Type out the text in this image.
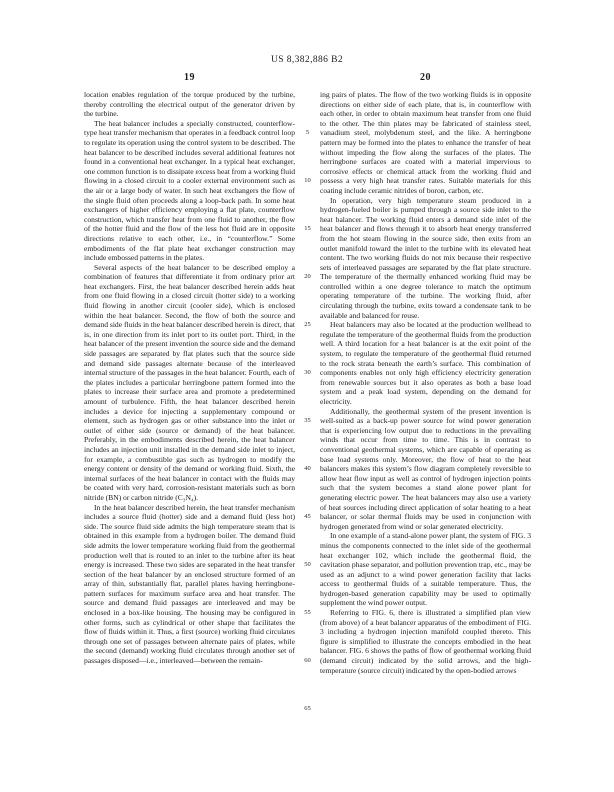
US 8,382,886 B2
19	20

location enables regulation of the torque produced by the turbine, thereby controlling the electrical output of the generator driven by the turbine.

The heat balancer includes a specially constructed, counterflow-type heat transfer mechanism that operates in a feedback control loop to regulate its operation using the control system to be described. The heat balancer to be described includes several additional features not found in a conventional heat exchanger. In a typical heat exchanger, one common function is to dissipate excess heat from a working fluid flowing in a closed circuit to a cooler external environment such as the air or a large body of water. In such heat exchangers the flow of the single fluid often proceeds along a loop-back path. In some heat exchangers of higher efficiency employing a flat plate, counterflow construction, which transfer heat from one fluid to another, the flow of the hotter fluid and the flow of the less hot fluid are in opposite directions relative to each other, i.e., in “counterflow.” Some embodiments of the flat plate heat exchanger construction may include embossed patterns in the plates.

Several aspects of the heat balancer to be described employ a combination of features that differentiate it from ordinary prior art heat exchangers. First, the heat balancer described herein adds heat from one fluid flowing in a closed circuit (hotter side) to a working fluid flowing in another circuit (cooler side), which is enclosed within the heat balancer. Second, the flow of both the source and demand side fluids in the heat balancer described herein is direct, that is, in one direction from its inlet port to its outlet port. Third, in the heat balancer of the present invention the source side and the demand side passages are separated by flat plates such that the source side and demand side passages alternate because of the interleaved internal structure of the passages in the heat balancer. Fourth, each of the plates includes a particular herringbone pattern formed into the plates to increase their surface area and promote a predetermined amount of turbulence. Fifth, the heat balancer described herein includes a device for injecting a supplementary compound or element, such as hydrogen gas or other substance into the inlet or outlet of either side (source or demand) of the heat balancer. Preferably, in the embodiments described herein, the heat balancer includes an injection unit installed in the demand side inlet to inject, for example, a combustible gas such as hydrogen to modify the energy content or density of the demand or working fluid. Sixth, the internal surfaces of the heat balancer in contact with the fluids may be coated with very hard, corrosion-resistant materials such as born nitride (BN) or carbon nitride (C₃N₄).

In the heat balancer described herein, the heat transfer mechanism includes a source fluid (hotter) side and a demand fluid (less hot) side. The source fluid side admits the high temperature steam that is obtained in this example from a hydrogen boiler. The demand fluid side admits the lower temperature working fluid from the geothermal production well that is routed to an inlet to the turbine after its heat energy is increased. These two sides are separated in the heat transfer section of the heat balancer by an enclosed structure formed of an array of thin, substantially flat, parallel plates having herringbone-pattern surfaces for maximum surface area and heat transfer. The source and demand fluid passages are interleaved and may be enclosed in a box-like housing. The housing may be configured in other forms, such as cylindrical or other shape that facilitates the flow of fluids within it. Thus, a first (source) working fluid circulates through one set of passages between alternate pairs of plates, while the second (demand) working fluid circulates through another set of passages disposed—i.e., interleaved—between the remain-

5
10
15
20
25
30
35
40
45
50
55
60
65

ing pairs of plates. The flow of the two working fluids is in opposite directions on either side of each plate, that is, in counterflow with each other, in order to obtain maximum heat transfer from one fluid to the other. The thin plates may be fabricated of stainless steel, vanadium steel, molybdenum steel, and the like. A herringbone pattern may be formed into the plates to enhance the transfer of heat without impeding the flow along the surfaces of the plates. The herringbone surfaces are coated with a material impervious to corrosive effects or chemical attack from the working fluid and possess a very high heat transfer rates. Suitable materials for this coating include ceramic nitrides of boron, carbon, etc.

In operation, very high temperature steam produced in a hydrogen-fueled boiler is pumped through a source side inlet to the heat balancer. The working fluid enters a demand side inlet of the heat balancer and flows through it to absorb heat energy transferred from the hot steam flowing in the source side, then exits from an outlet manifold toward the inlet to the turbine with its elevated heat content. The two working fluids do not mix because their respective sets of interleaved passages are separated by the flat plate structure. The temperature of the thermally enhanced working fluid may be controlled within a one degree tolerance to match the optimum operating temperature of the turbine. The working fluid, after circulating through the turbine, exits toward a condensate tank to be available and balanced for reuse.

Heat balancers may also be located at the production wellhead to regulate the temperature of the geothermal fluids from the production well. A third location for a heat balancer is at the exit point of the system, to regulate the temperature of the geothermal fluid returned to the rock strata beneath the earth’s surface. This combination of components enables not only high efficiency electricity generation from renewable sources but it also operates as both a base load system and a peak load system, depending on the demand for electricity.

Additionally, the geothermal system of the present invention is well-suited as a back-up power source for wind power generation that is experiencing low output due to reductions in the prevailing winds that occur from time to time. This is in contrast to conventional geothermal systems, which are capable of operating as base load systems only. Moreover, the flow of heat to the heat balancers makes this system’s flow diagram completely reversible to allow heat flow input as well as control of hydrogen injection points such that the system becomes a stand alone power plant for generating electric power. The heat balancers may also use a variety of heat sources including direct application of solar heating to a heat balancer, or solar thermal fluids may be used in conjunction with hydrogen generated from wind or solar generated electricity.

In one example of a stand-alone power plant, the system of FIG. 3 minus the components connected to the inlet side of the geothermal heat exchanger 102, which include the geothermal fluid, the cavitation phase separator, and pollution prevention trap, etc., may be used as an adjunct to a wind power generation facility that lacks access to geothermal fluids of a suitable temperature. Thus, the hydrogen-based generation capability may be used to optimally supplement the wind power output.

Referring to FIG. 6, there is illustrated a simplified plan view (from above) of a heat balancer apparatus of the embodiment of FIG. 3 including a hydrogen injection manifold coupled thereto. This figure is simplified to illustrate the concepts embodied in the heat balancer. FIG. 6 shows the paths of flow of geothermal working fluid (demand circuit) indicated by the solid arrows, and the high-temperature (source circuit) indicated by the open-bodied arrows
